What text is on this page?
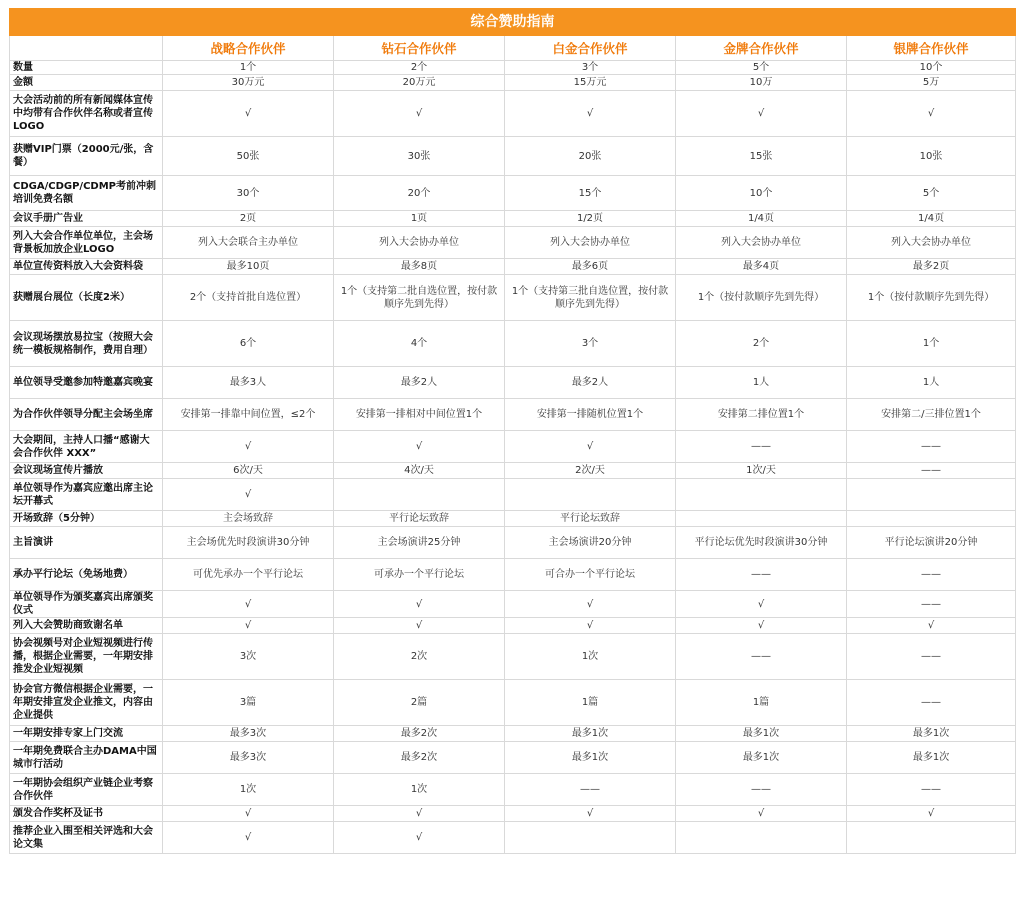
综合赞助指南					
	战略合作伙伴	钻石合作伙伴	白金合作伙伴	金牌合作伙伴	银牌合作伙伴
数量	1个	2个	3个	5个	10个
金额	30万元	20万元	15万元	10万	5万
大会活动前的所有新闻媒体宣传中均带有合作伙伴名称或者宣传LOGO	√	√	√	√	√
获赠VIP门票（2000元/张，含餐）	50张	30张	20张	15张	10张
CDGA/CDGP/CDMP考前冲刺培训免费名额	30个	20个	15个	10个	5个
会议手册广告业	2页	1页	1/2页	1/4页	1/4页
列入大会合作单位单位，主会场背景板加放企业LOGO	列入大会联合主办单位	列入大会协办单位	列入大会协办单位	列入大会协办单位	列入大会协办单位
单位宣传资料放入大会资料袋	最多10页	最多8页	最多6页	最多4页	最多2页
获赠展台展位（长度2米）	2个（支持首批自选位置）	1个（支持第二批自选位置，按付款顺序先到先得）	1个（支持第三批自选位置，按付款顺序先到先得）	1个（按付款顺序先到先得）	1个（按付款顺序先到先得）
会议现场摆放易拉宝（按照大会统一模板规格制作，费用自理）	6个	4个	3个	2个	1个
单位领导受邀参加特邀嘉宾晚宴	最多3人	最多2人	最多2人	1人	1人
为合作伙伴领导分配主会场坐席	安排第一排靠中间位置，≤2个	安排第一排相对中间位置1个	安排第一排随机位置1个	安排第二排位置1个	安排第二/三排位置1个
大会期间，主持人口播“感谢大会合作伙伴 XXX”	√	√	√	——	——
会议现场宣传片播放	6次/天	4次/天	2次/天	1次/天	——
单位领导作为嘉宾应邀出席主论坛开幕式	√				
开场致辞（5分钟）	主会场致辞	平行论坛致辞	平行论坛致辞		
主旨演讲	主会场优先时段演讲30分钟	主会场演讲25分钟	主会场演讲20分钟	平行论坛优先时段演讲30分钟	平行论坛演讲20分钟
承办平行论坛（免场地费）	可优先承办一个平行论坛	可承办一个平行论坛	可合办一个平行论坛	——	——
单位领导作为颁奖嘉宾出席颁奖仪式	√	√	√	√	——
列入大会赞助商致谢名单	√	√	√	√	√
协会视频号对企业短视频进行传播，根据企业需要，一年期安排推发企业短视频	3次	2次	1次	——	——
协会官方微信根据企业需要，一年期安排宣发企业推文，内容由企业提供	3篇	2篇	1篇	1篇	——
一年期安排专家上门交流	最多3次	最多2次	最多1次	最多1次	最多1次
一年期免费联合主办DAMA中国城市行活动	最多3次	最多2次	最多1次	最多1次	最多1次
一年期协会组织产业链企业考察合作伙伴	1次	1次	——	——	——
颁发合作奖杯及证书	√	√	√	√	√
推荐企业入围至相关评选和大会论文集	√	√			
